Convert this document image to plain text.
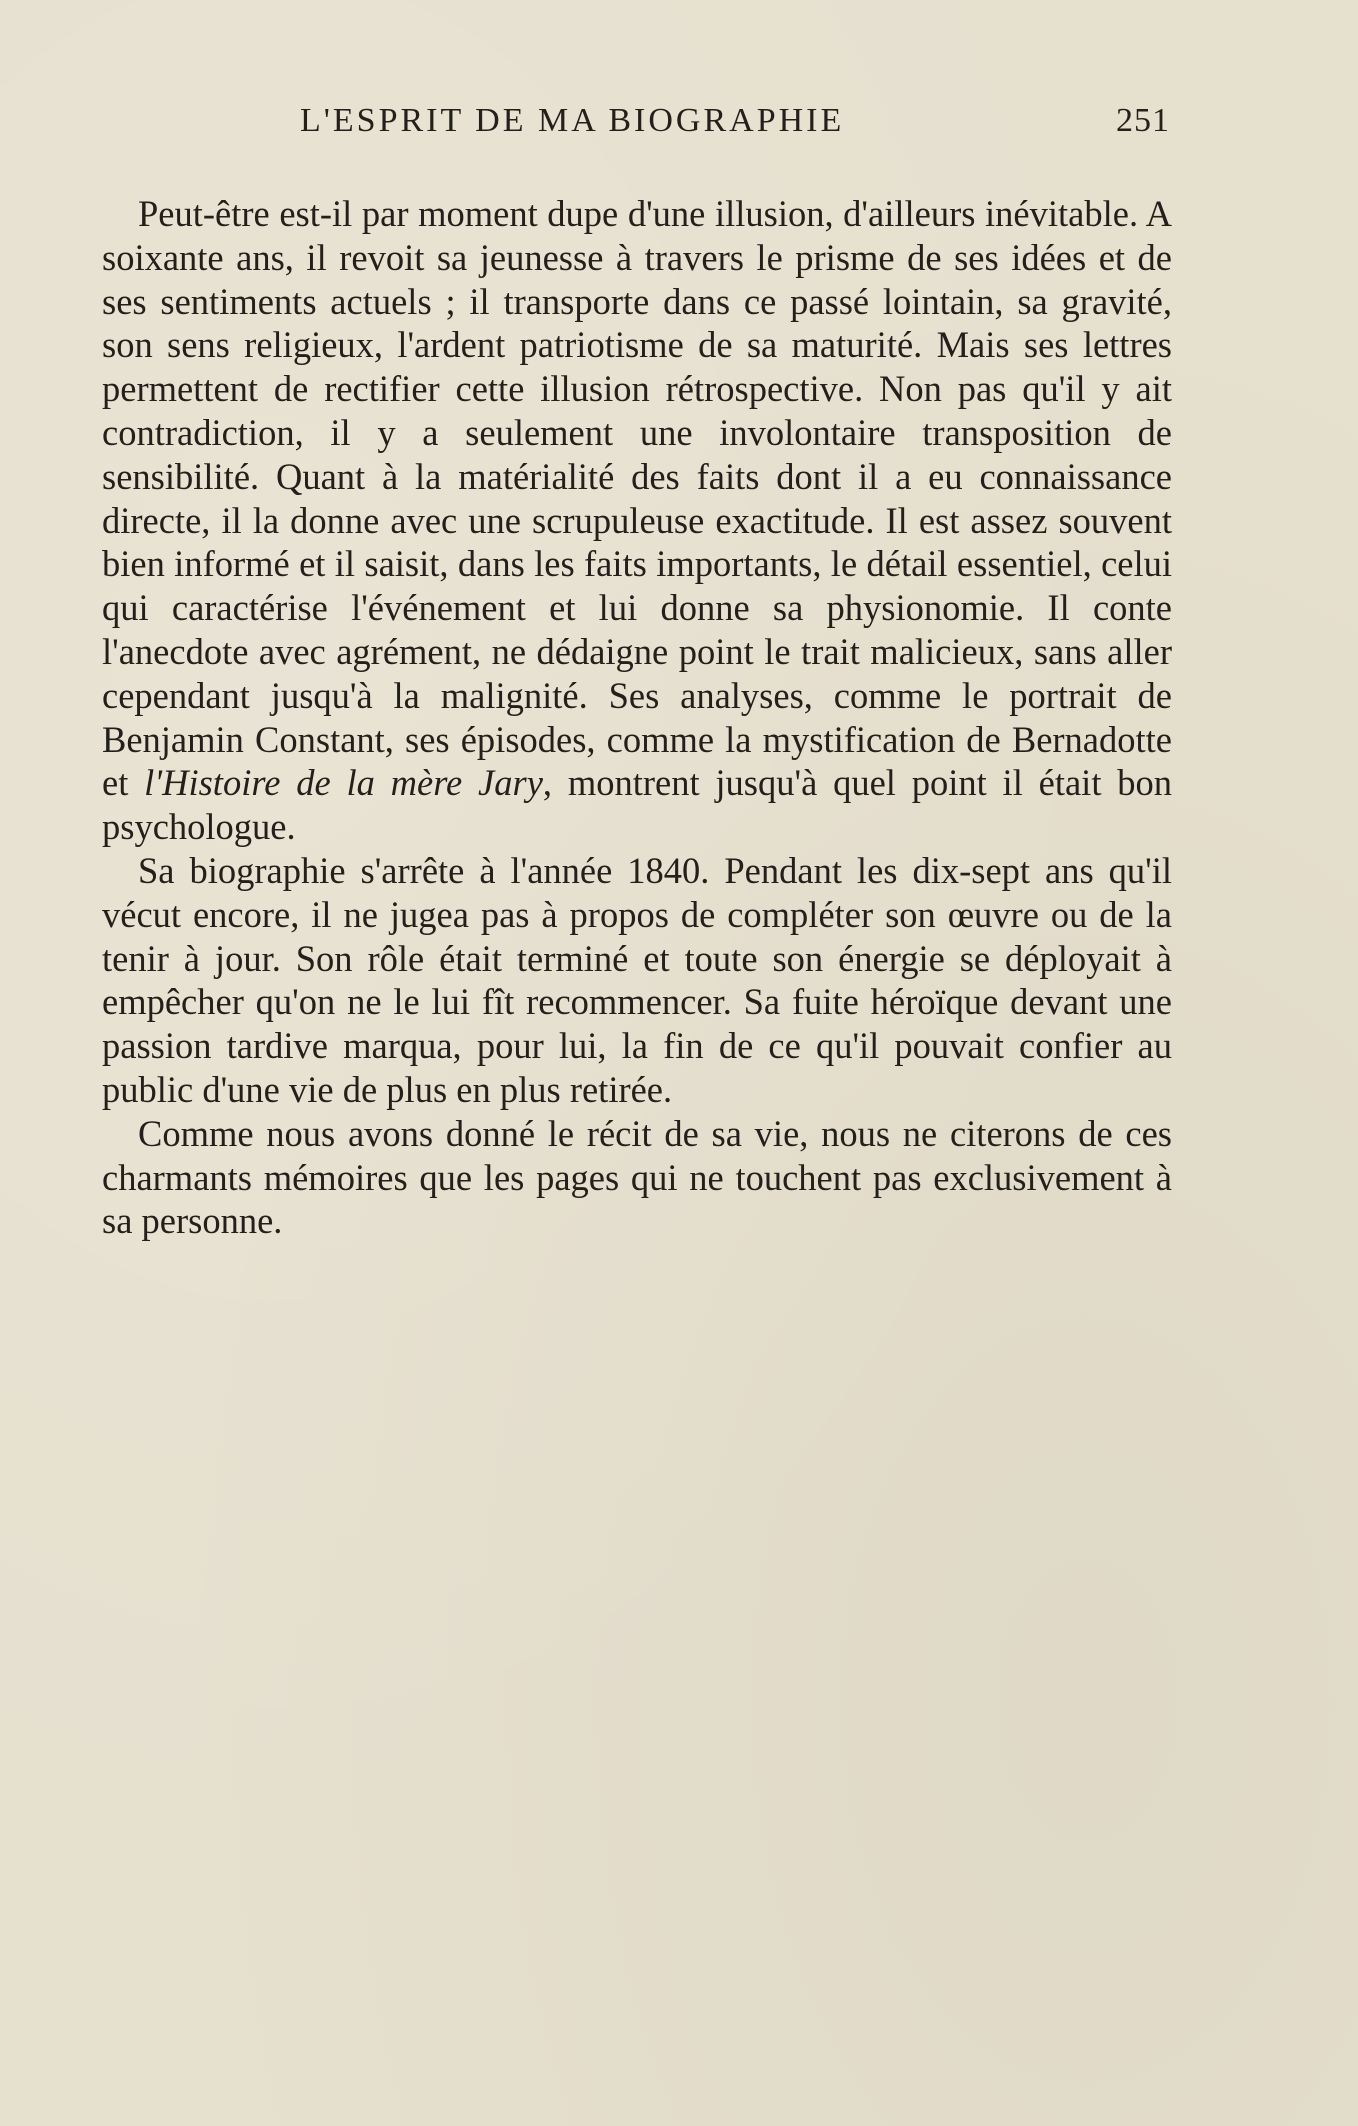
L'ESPRIT DE MA BIOGRAPHIE	251

Peut-être est-il par moment dupe d'une illusion, d'ailleurs inévitable. A soixante ans, il revoit sa jeunesse à travers le prisme de ses idées et de ses sentiments actuels ; il transporte dans ce passé lointain, sa gravité, son sens religieux, l'ardent patriotisme de sa maturité. Mais ses lettres permettent de rectifier cette illusion rétrospective. Non pas qu'il y ait contradiction, il y a seulement une involontaire transposition de sensibilité. Quant à la matérialité des faits dont il a eu connaissance directe, il la donne avec une scrupuleuse exactitude. Il est assez souvent bien informé et il saisit, dans les faits importants, le détail essentiel, celui qui caractérise l'événement et lui donne sa physionomie. Il conte l'anecdote avec agrément, ne dédaigne point le trait malicieux, sans aller cependant jusqu'à la malignité. Ses analyses, comme le portrait de Benjamin Constant, ses épisodes, comme la mystification de Bernadotte et l'Histoire de la mère Jary, montrent jusqu'à quel point il était bon psychologue.

Sa biographie s'arrête à l'année 1840. Pendant les dix-sept ans qu'il vécut encore, il ne jugea pas à propos de compléter son œuvre ou de la tenir à jour. Son rôle était terminé et toute son énergie se déployait à empêcher qu'on ne le lui fît recommencer. Sa fuite héroïque devant une passion tardive marqua, pour lui, la fin de ce qu'il pouvait confier au public d'une vie de plus en plus retirée.

Comme nous avons donné le récit de sa vie, nous ne citerons de ces charmants mémoires que les pages qui ne touchent pas exclusivement à sa personne.
